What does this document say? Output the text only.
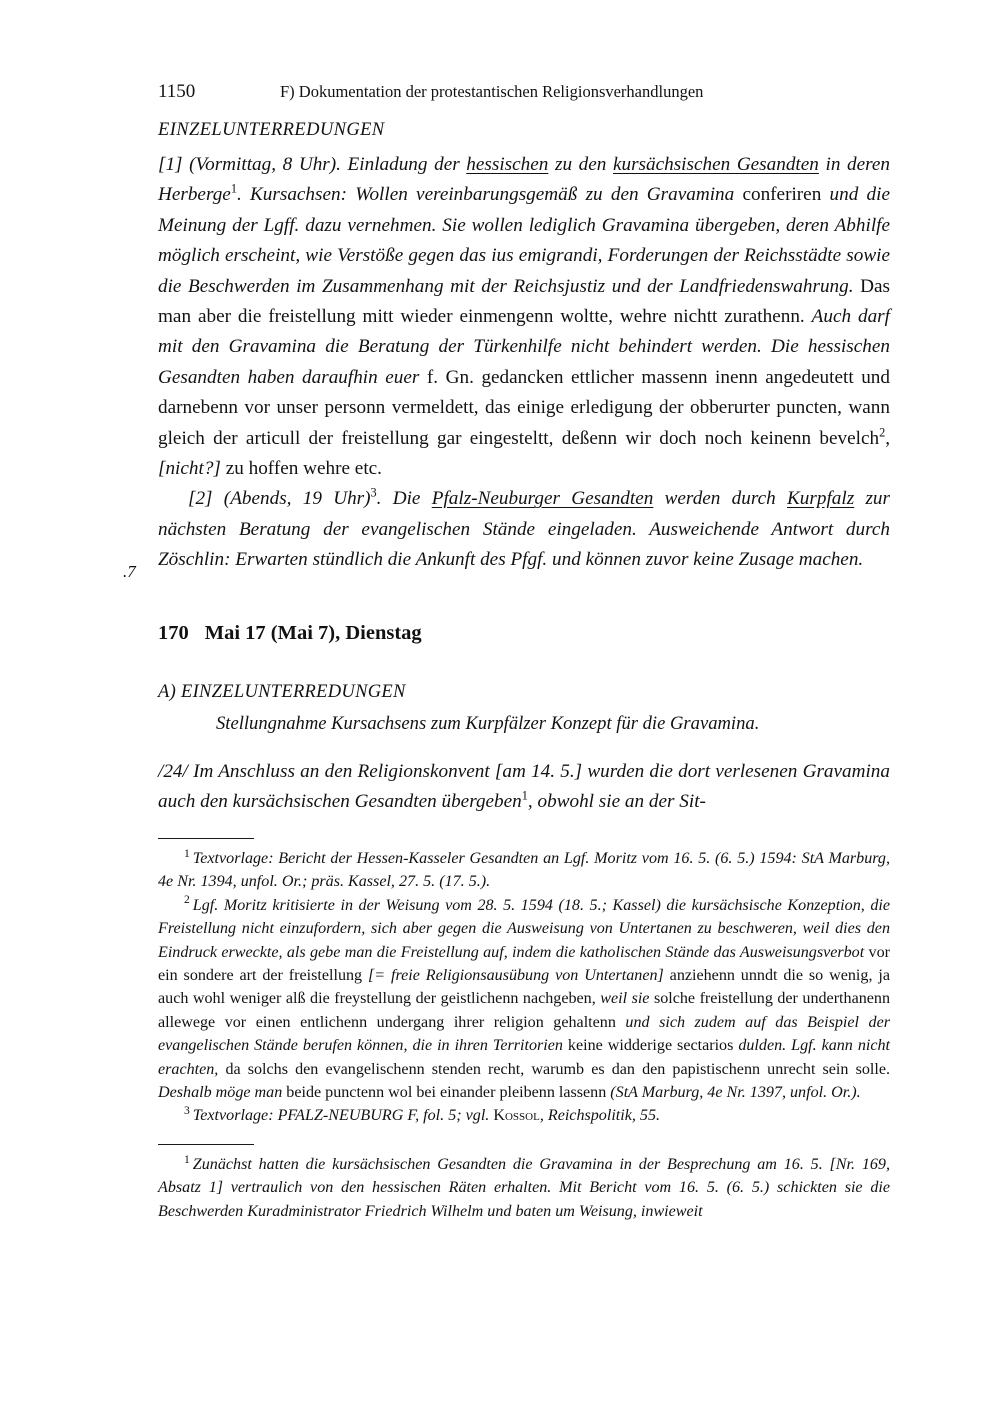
1150	F) Dokumentation der protestantischen Religionsverhandlungen
EINZELUNTERREDUNGEN

[1] (Vormittag, 8 Uhr). Einladung der hessischen zu den kursächsischen Gesandten in deren Herberge$^1$. Kursachsen: Wollen vereinbarungsgemäß zu den Gravamina conferiren und die Meinung der Lgff. dazu vernehmen. Sie wollen lediglich Gravamina übergeben, deren Abhilfe möglich erscheint, wie Verstöße gegen das ius emigrandi, Forderungen der Reichsstädte sowie die Beschwerden im Zusammenhang mit der Reichsjustiz und der Landfriedenswahrung. Das man aber die freistellung mitt wieder einmengenn woltte, wehre nichtt zurathenn. Auch darf mit den Gravamina die Beratung der Türkenhilfe nicht behindert werden. Die hessischen Gesandten haben daraufhin euer f. Gn. gedancken ettlicher massenn inenn angedeutett und darnebenn vor unser personn vermeldett, das einige erledigung der obberurter puncten, wann gleich der articull der freistellung gar eingesteltt, deßenn wir doch noch keinenn bevelch$^2$, [nicht?] zu hoffen wehre etc.

[2] (Abends, 19 Uhr)$^3$. Die Pfalz-Neuburger Gesandten werden durch Kurpfalz zur nächsten Beratung der evangelischen Stände eingeladen. Ausweichende Antwort durch Zöschlin: Erwarten stündlich die Ankunft des Pfgf. und können zuvor keine Zusage machen.

.7
170 Mai 17 (Mai 7), Dienstag
A) EINZELUNTERREDUNGEN

Stellungnahme Kursachsens zum Kurpfälzer Konzept für die Gravamina.

/24/ Im Anschluss an den Religionskonvent [am 14. 5.] wurden die dort verlesenen Gravamina auch den kursächsischen Gesandten übergeben$^1$, obwohl sie an der Sit-

$^1$ Textvorlage: Bericht der Hessen-Kasseler Gesandten an Lgf. Moritz vom 16. 5. (6. 5.) 1594: StA Marburg, 4e Nr. 1394, unfol. Or.; präs. Kassel, 27. 5. (17. 5.).

$^2$ Lgf. Moritz kritisierte in der Weisung vom 28. 5. 1594 (18. 5.; Kassel) die kursächsische Konzeption, die Freistellung nicht einzufordern, sich aber gegen die Ausweisung von Untertanen zu beschweren, weil dies den Eindruck erweckte, als gebe man die Freistellung auf, indem die katholischen Stände das Ausweisungsverbot vor ein sondere art der freistellung [= freie Religionsausübung von Untertanen] anziehenn unndt die so wenig, ja auch wohl weniger alß die freystellung der geistlichenn nachgeben, weil sie solche freistellung der underthanenn allewege vor einen entlichenn undergang ihrer religion gehaltenn und sich zudem auf das Beispiel der evangelischen Stände berufen können, die in ihren Territorien keine widderige sectarios dulden. Lgf. kann nicht erachten, da solchs den evangelischenn stenden recht, warumb es dan den papistischenn unrecht sein solle. Deshalb möge man beide punctenn wol bei einander pleibenn lassenn (StA Marburg, 4e Nr. 1397, unfol. Or.).

$^3$ Textvorlage: PFALZ-NEUBURG F, fol. 5; vgl. Kossol, Reichspolitik, 55.

$^1$ Zunächst hatten die kursächsischen Gesandten die Gravamina in der Besprechung am 16. 5. [Nr. 169, Absatz 1] vertraulich von den hessischen Räten erhalten. Mit Bericht vom 16. 5. (6. 5.) schickten sie die Beschwerden Kuradministrator Friedrich Wilhelm und baten um Weisung, inwieweit
